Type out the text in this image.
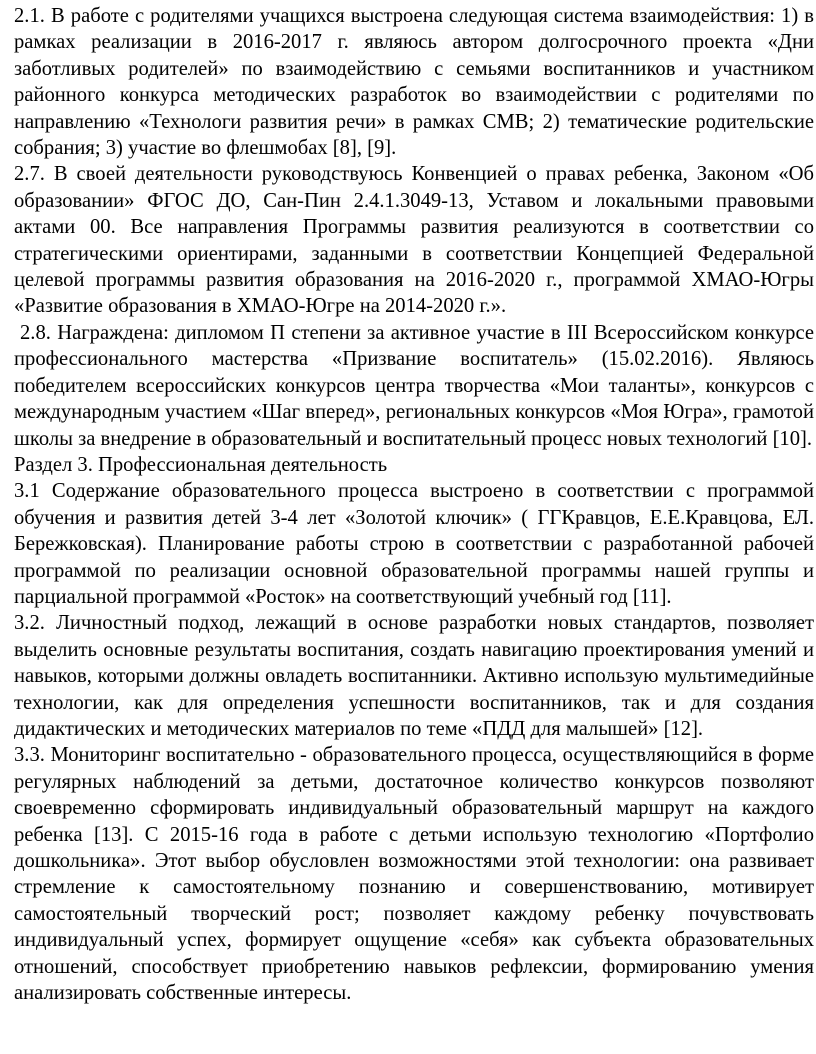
2.1. В работе с родителями учащихся выстроена следующая система взаимодействия: 1) в рамках реализации в 2016-2017 г. являюсь автором долгосрочного проекта «Дни заботливых родителей» по взаимодействию с семьями воспитанников и участником районного конкурса методических разработок во взаимодействии с родителями по направлению «Технологи развития речи» в рамках СМВ; 2) тематические родительские собрания; 3) участие во флешмобах [8], [9].

2.7. В своей деятельности руководствуюсь Конвенцией о правах ребенка, Законом «Об образовании» ФГОС ДО, Сан-Пин 2.4.1.3049-13, Уставом и локальными правовыми актами 00. Все направления Программы развития реализуются в соответствии со стратегическими ориентирами, заданными в соответствии Концепцией Федеральной целевой программы развития образования на 2016-2020 г., программой ХМАО-Югры «Развитие образования в ХМАО-Югре на 2014-2020 г.».

2.8. Награждена: дипломом П степени за активное участие в III Всероссийском конкурсе профессионального мастерства «Призвание воспитатель» (15.02.2016). Являюсь победителем всероссийских конкурсов центра творчества «Мои таланты», конкурсов с международным участием «Шаг вперед», региональных конкурсов «Моя Югра», грамотой школы за внедрение в образовательный и воспитательный процесс новых технологий [10].

Раздел 3. Профессиональная деятельность

3.1 Содержание образовательного процесса выстроено в соответствии с программой обучения и развития детей 3-4 лет «Золотой ключик» ( ГГКравцов, Е.Е.Кравцова, ЕЛ. Бережковская). Планирование работы строю в соответствии с разработанной рабочей программой по реализации основной образовательной программы нашей группы и парциальной программой «Росток» на соответствующий учебный год [11].

3.2. Личностный подход, лежащий в основе разработки новых стандартов, позволяет выделить основные результаты воспитания, создать навигацию проектирования умений и навыков, которыми должны овладеть воспитанники. Активно использую мультимедийные технологии, как для определения успешности воспитанников, так и для создания дидактических и методических материалов по теме «ПДД для малышей» [12].

3.3. Мониторинг воспитательно - образовательного процесса, осуществляющийся в форме регулярных наблюдений за детьми, достаточное количество конкурсов позволяют своевременно сформировать индивидуальный образовательный маршрут на каждого ребенка [13]. С 2015-16 года в работе с детьми использую технологию «Портфолио дошкольника». Этот выбор обусловлен возможностями этой технологии: она развивает стремление к самостоятельному познанию и совершенствованию, мотивирует самостоятельный творческий рост; позволяет каждому ребенку почувствовать индивидуальный успех, формирует ощущение «себя» как субъекта образовательных отношений, способствует приобретению навыков рефлексии, формированию умения анализировать собственные интересы.
